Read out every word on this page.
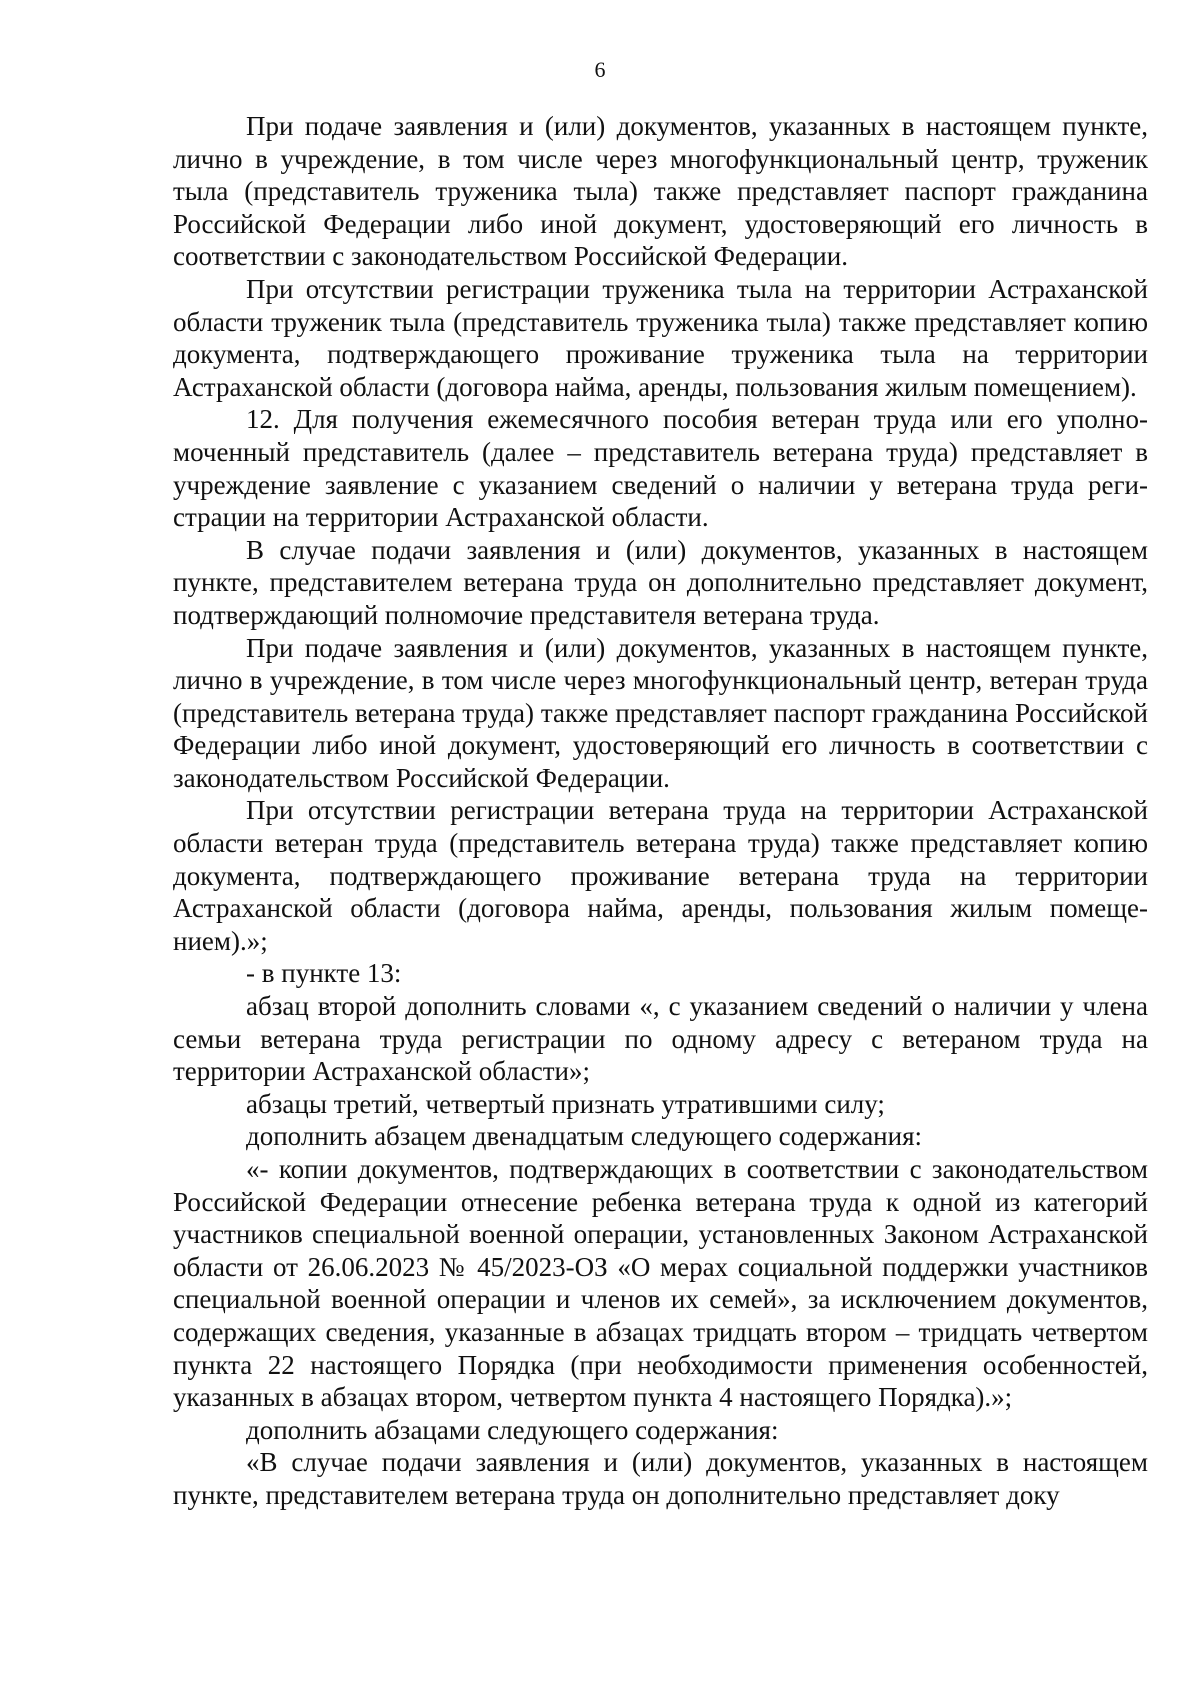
6

При подаче заявления и (или) документов, указанных в настоящем пункте, лично в учреждение, в том числе через многофункциональный центр, труженик тыла (представитель труженика тыла) также представляет паспорт гражданина Российской Федерации либо иной документ, удостоверяющий его личность в соответствии с законодательством Российской Федерации.

При отсутствии регистрации труженика тыла на территории Астраханской области труженик тыла (представитель труженика тыла) также представляет копию документа, подтверждающего проживание труженика тыла на территории Астраханской области (договора найма, аренды, пользования жилым помещением).

12. Для получения ежемесячного пособия ветеран труда или его уполномоченный представитель (далее – представитель ветерана труда) представляет в учреждение заявление с указанием сведений о наличии у ветерана труда регистрации на территории Астраханской области.

В случае подачи заявления и (или) документов, указанных в настоящем пункте, представителем ветерана труда он дополнительно представляет документ, подтверждающий полномочие представителя ветерана труда.

При подаче заявления и (или) документов, указанных в настоящем пункте, лично в учреждение, в том числе через многофункциональный центр, ветеран труда (представитель ветерана труда) также представляет паспорт гражданина Российской Федерации либо иной документ, удостоверяющий его личность в соответствии с законодательством Российской Федерации.

При отсутствии регистрации ветерана труда на территории Астраханской области ветеран труда (представитель ветерана труда) также представляет копию документа, подтверждающего проживание ветерана труда на территории Астраханской области (договора найма, аренды, пользования жилым помещением).»;

- в пункте 13:

абзац второй дополнить словами «, с указанием сведений о наличии у члена семьи ветерана труда регистрации по одному адресу с ветераном труда на территории Астраханской области»;

абзацы третий, четвертый признать утратившими силу;

дополнить абзацем двенадцатым следующего содержания:

«- копии документов, подтверждающих в соответствии с законодательством Российской Федерации отнесение ребенка ветерана труда к одной из категорий участников специальной военной операции, установленных Законом Астраханской области от 26.06.2023 № 45/2023-ОЗ «О мерах социальной поддержки участников специальной военной операции и членов их семей», за исключением документов, содержащих сведения, указанные в абзацах тридцать втором – тридцать четвертом пункта 22 настоящего Порядка (при необходимости применения особенностей, указанных в абзацах втором, четвертом пункта 4 настоящего Порядка).»;

дополнить абзацами следующего содержания:

«В случае подачи заявления и (или) документов, указанных в настоящем пункте, представителем ветерана труда он дополнительно представляет доку
